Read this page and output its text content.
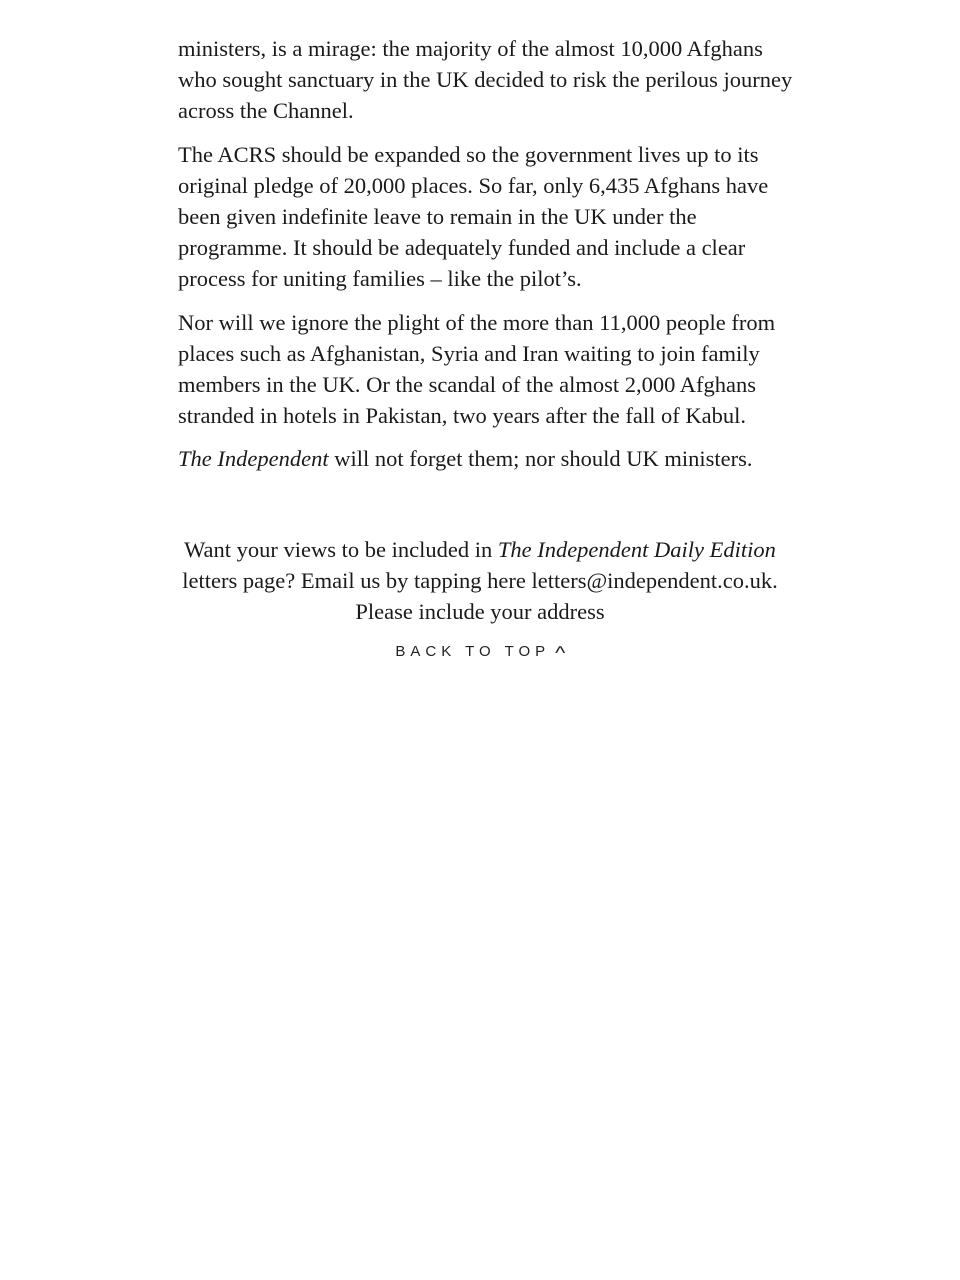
ministers, is a mirage: the majority of the almost 10,000 Afghans who sought sanctuary in the UK decided to risk the perilous journey across the Channel.

The ACRS should be expanded so the government lives up to its original pledge of 20,000 places. So far, only 6,435 Afghans have been given indefinite leave to remain in the UK under the programme. It should be adequately funded and include a clear process for uniting families – like the pilot’s.

Nor will we ignore the plight of the more than 11,000 people from places such as Afghanistan, Syria and Iran waiting to join family members in the UK. Or the scandal of the almost 2,000 Afghans stranded in hotels in Pakistan, two years after the fall of Kabul.

The Independent will not forget them; nor should UK ministers.

Want your views to be included in The Independent Daily Edition letters page? Email us by tapping here letters@independent.co.uk. Please include your address
BACK TO TOP ^
